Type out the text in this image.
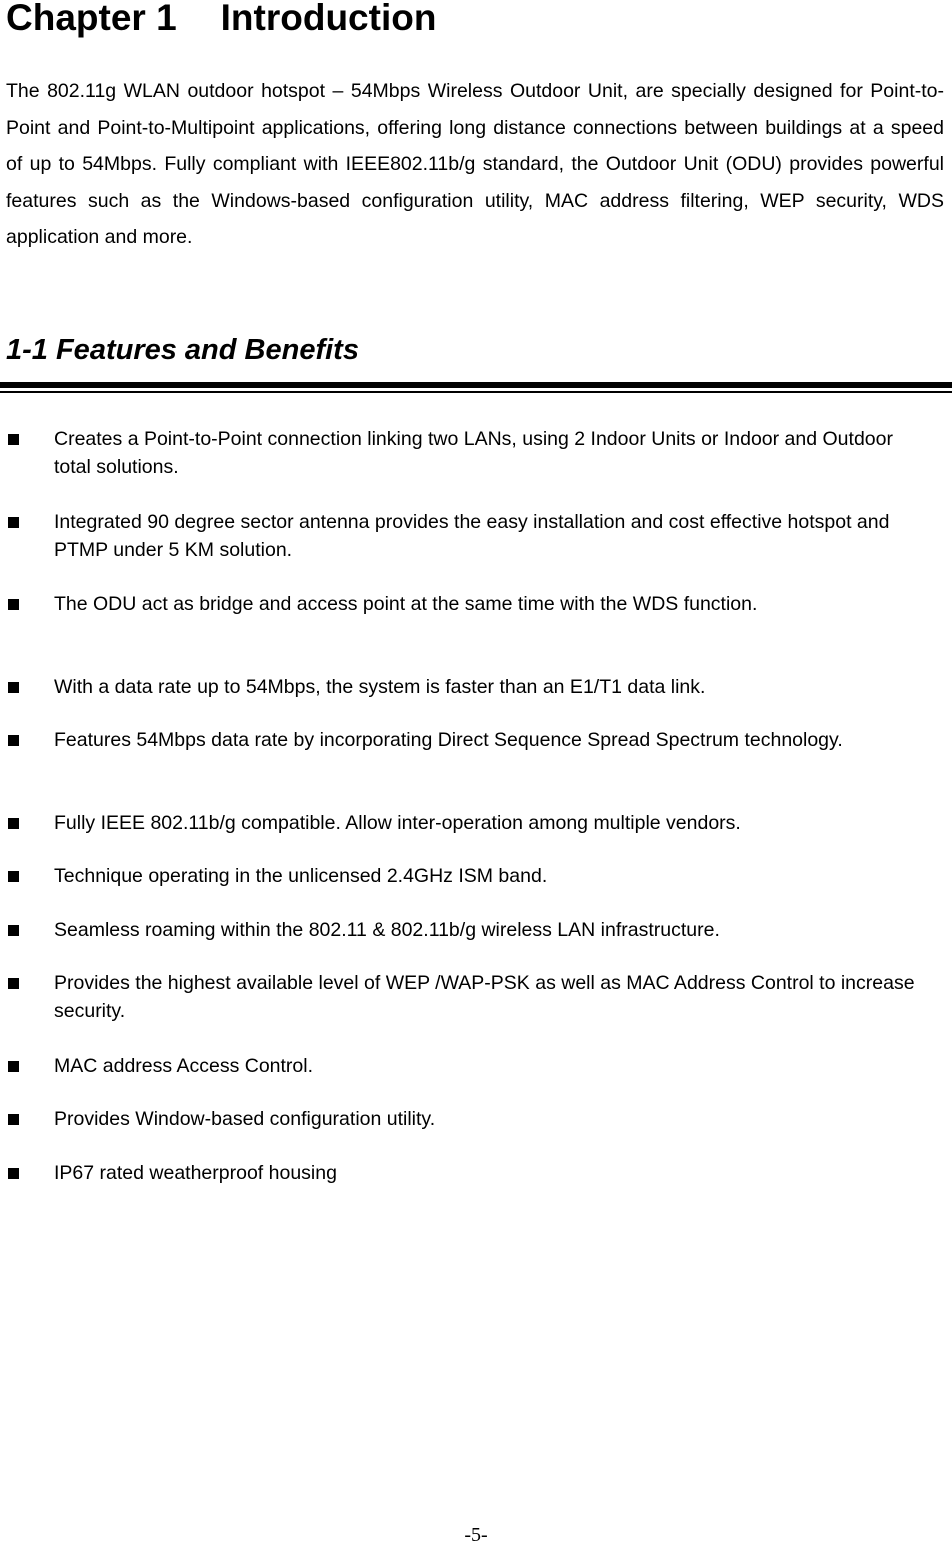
Chapter 1 Introduction

The 802.11g WLAN outdoor hotspot – 54Mbps Wireless Outdoor Unit, are specially designed for Point-to-Point and Point-to-Multipoint applications, offering long distance connections between buildings at a speed of up to 54Mbps. Fully compliant with IEEE802.11b/g standard, the Outdoor Unit (ODU) provides powerful features such as the Windows-based configuration utility, MAC address filtering, WEP security, WDS application and more.

1-1 Features and Benefits
Creates a Point-to-Point connection linking two LANs, using 2 Indoor Units or Indoor and Outdoor total solutions.
Integrated 90 degree sector antenna provides the easy installation and cost effective hotspot and PTMP under 5 KM solution.
The ODU act as bridge and access point at the same time with the WDS function.
With a data rate up to 54Mbps, the system is faster than an E1/T1 data link.
Features 54Mbps data rate by incorporating Direct Sequence Spread Spectrum technology.
Fully IEEE 802.11b/g compatible. Allow inter-operation among multiple vendors.
Technique operating in the unlicensed 2.4GHz ISM band.
Seamless roaming within the 802.11 & 802.11b/g wireless LAN infrastructure.
Provides the highest available level of WEP /WAP-PSK as well as MAC Address Control to increase security.
MAC address Access Control.
Provides Window-based configuration utility.
IP67 rated weatherproof housing
-5-
